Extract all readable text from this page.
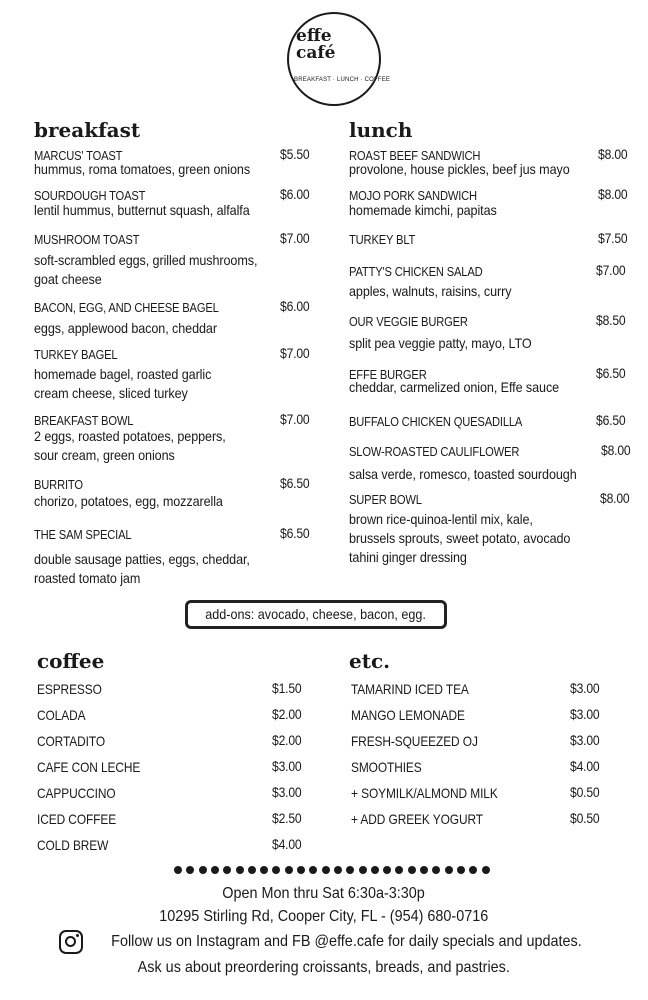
effe
café
BREAKFAST · LUNCH · COFFEE
breakfast	lunch
MARCUS' TOAST	$5.50
hummus, roma tomatoes, green onions
SOURDOUGH TOAST	$6.00
lentil hummus, butternut squash, alfalfa
MUSHROOM TOAST	$7.00
soft-scrambled eggs, grilled mushrooms,
goat cheese
BACON, EGG, AND CHEESE BAGEL	$6.00
eggs, applewood bacon, cheddar
TURKEY BAGEL	$7.00
homemade bagel, roasted garlic
cream cheese, sliced turkey
BREAKFAST BOWL	$7.00
2 eggs, roasted potatoes, peppers,
sour cream, green onions
BURRITO	$6.50
chorizo, potatoes, egg, mozzarella
THE SAM SPECIAL	$6.50
double sausage patties, eggs, cheddar,
roasted tomato jam
ROAST BEEF SANDWICH	$8.00
provolone, house pickles, beef jus mayo
MOJO PORK SANDWICH	$8.00
homemade kimchi, papitas
TURKEY BLT	$7.50
PATTY'S CHICKEN SALAD	$7.00
apples, walnuts, raisins, curry
OUR VEGGIE BURGER	$8.50
split pea veggie patty, mayo, LTO
EFFE BURGER	$6.50
cheddar, carmelized onion, Effe sauce
BUFFALO CHICKEN QUESADILLA	$6.50
SLOW-ROASTED CAULIFLOWER	$8.00
salsa verde, romesco, toasted sourdough
SUPER BOWL	$8.00
brown rice-quinoa-lentil mix, kale,
brussels sprouts, sweet potato, avocado
tahini ginger dressing
add-ons: avocado, cheese, bacon, egg.
coffee	etc.
ESPRESSO	$1.50
COLADA	$2.00
CORTADITO	$2.00
CAFE CON LECHE	$3.00
CAPPUCCINO	$3.00
ICED COFFEE	$2.50
COLD BREW	$4.00
TAMARIND ICED TEA	$3.00
MANGO LEMONADE	$3.00
FRESH-SQUEEZED OJ	$3.00
SMOOTHIES	$4.00
+ SOYMILK/ALMOND MILK	$0.50
+ ADD GREEK YOGURT	$0.50
Open Mon thru Sat 6:30a-3:30p
10295 Stirling Rd, Cooper City, FL - (954) 680-0716
Follow us on Instagram and FB @effe.cafe for daily specials and updates.
Ask us about preordering croissants, breads, and pastries.
